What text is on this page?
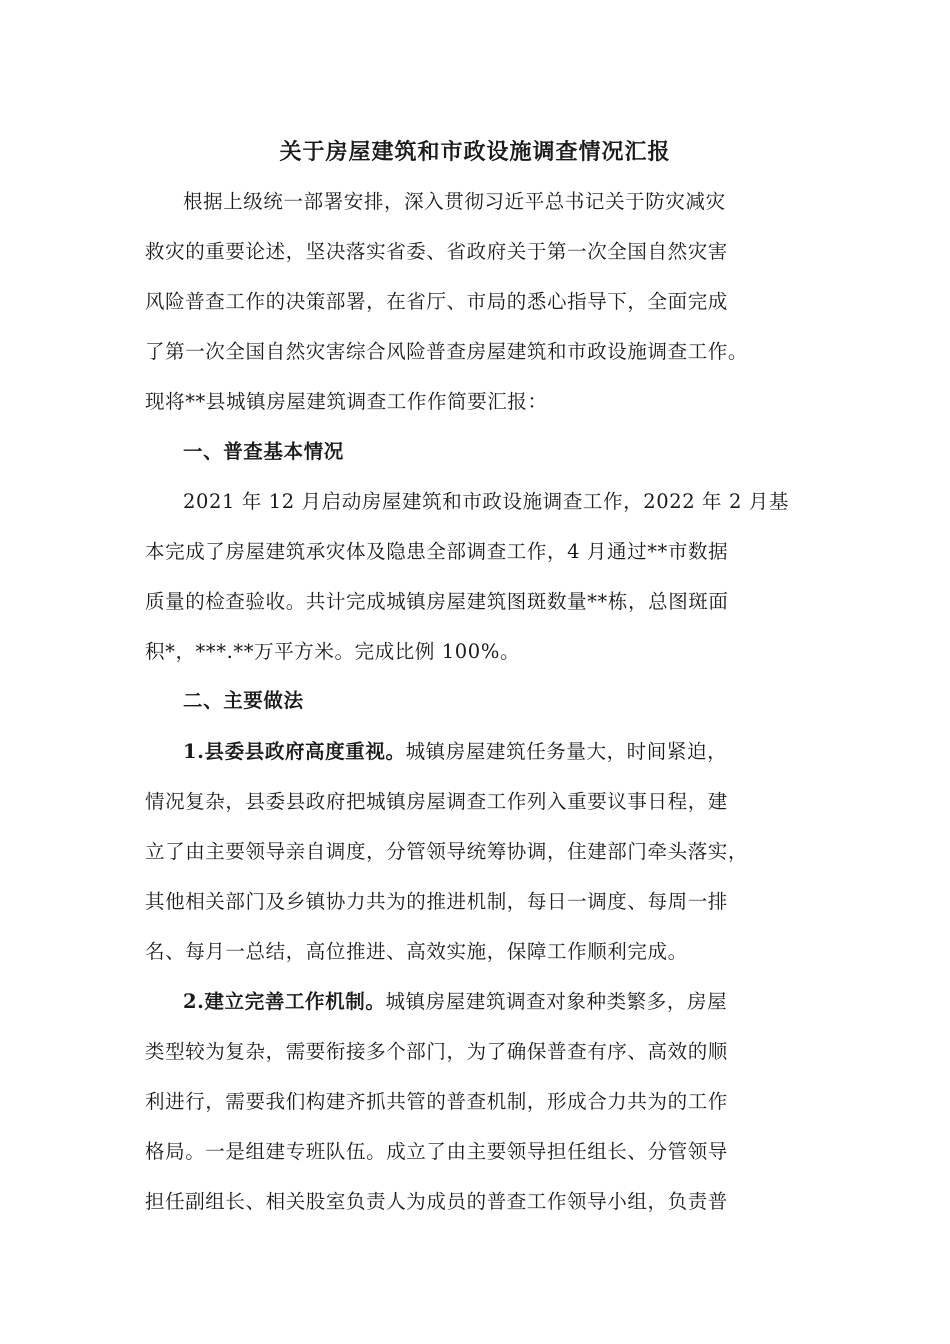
关于房屋建筑和市政设施调查情况汇报
根据上级统一部署安排，深入贯彻习近平总书记关于防灾减灾
救灾的重要论述，坚决落实省委、省政府关于第一次全国自然灾害
风险普查工作的决策部署，在省厅、市局的悉心指导下，全面完成
了第一次全国自然灾害综合风险普查房屋建筑和市政设施调查工作。
现将**县城镇房屋建筑调查工作作简要汇报：
一、普查基本情况
2021 年 12 月启动房屋建筑和市政设施调查工作，2022 年 2 月基
本完成了房屋建筑承灾体及隐患全部调查工作，4 月通过**市数据
质量的检查验收。共计完成城镇房屋建筑图斑数量**栋，总图斑面
积*，***.**万平方米。完成比例 100%。
二、主要做法
1.县委县政府高度重视。城镇房屋建筑任务量大，时间紧迫，
情况复杂，县委县政府把城镇房屋调查工作列入重要议事日程，建
立了由主要领导亲自调度，分管领导统筹协调，住建部门牵头落实，
其他相关部门及乡镇协力共为的推进机制，每日一调度、每周一排
名、每月一总结，高位推进、高效实施，保障工作顺利完成。
2.建立完善工作机制。城镇房屋建筑调查对象种类繁多，房屋
类型较为复杂，需要衔接多个部门，为了确保普查有序、高效的顺
利进行，需要我们构建齐抓共管的普查机制，形成合力共为的工作
格局。一是组建专班队伍。成立了由主要领导担任组长、分管领导
担任副组长、相关股室负责人为成员的普查工作领导小组，负责普
